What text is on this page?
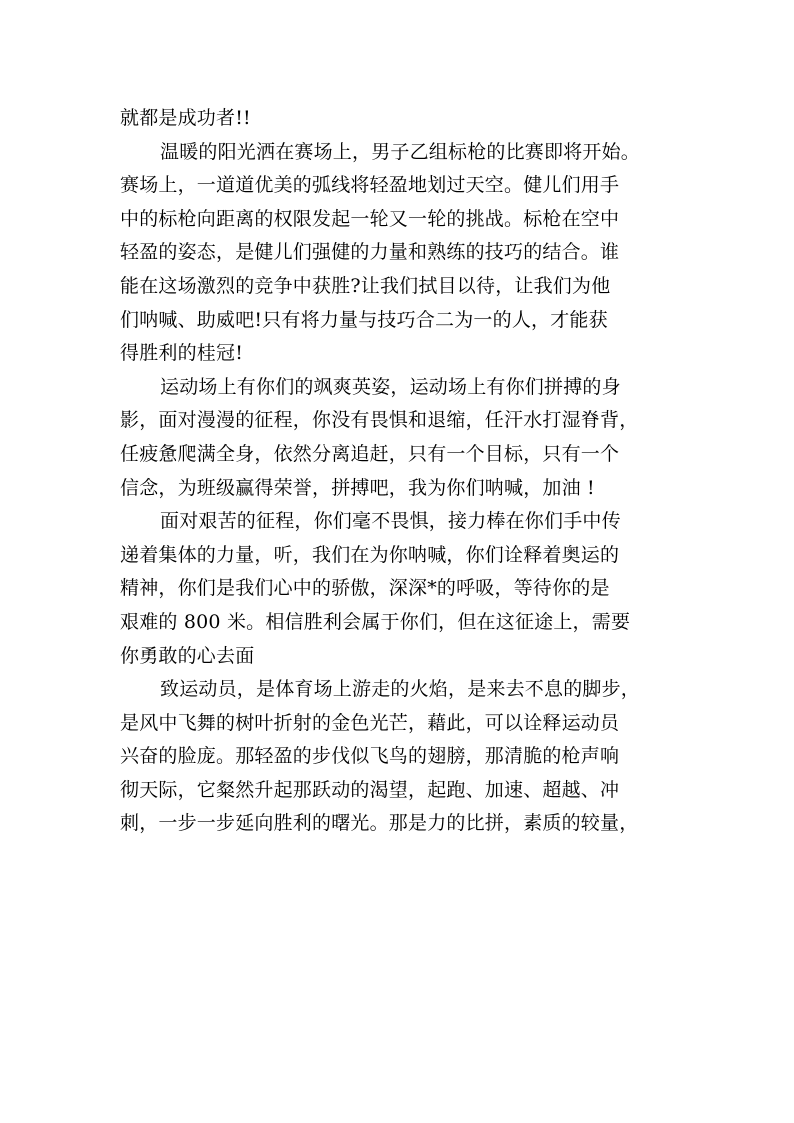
就都是成功者!!
温暖的阳光洒在赛场上，男子乙组标枪的比赛即将开始。
赛场上，一道道优美的弧线将轻盈地划过天空。健儿们用手
中的标枪向距离的权限发起一轮又一轮的挑战。标枪在空中
轻盈的姿态，是健儿们强健的力量和熟练的技巧的结合。谁
能在这场激烈的竞争中获胜?让我们拭目以待，让我们为他
们呐喊、助威吧!只有将力量与技巧合二为一的人，才能获
得胜利的桂冠!
运动场上有你们的飒爽英姿，运动场上有你们拼搏的身
影，面对漫漫的征程，你没有畏惧和退缩，任汗水打湿脊背，
任疲惫爬满全身，依然分离追赶，只有一个目标，只有一个
信念，为班级赢得荣誉，拼搏吧，我为你们呐喊，加油 !
面对艰苦的征程，你们毫不畏惧，接力棒在你们手中传
递着集体的力量，听，我们在为你呐喊，你们诠释着奥运的
精神，你们是我们心中的骄傲，深深*的呼吸，等待你的是
艰难的 800 米。相信胜利会属于你们，但在这征途上，需要
你勇敢的心去面
致运动员，是体育场上游走的火焰，是来去不息的脚步，
是风中飞舞的树叶折射的金色光芒，藉此，可以诠释运动员
兴奋的脸庞。那轻盈的步伐似飞鸟的翅膀，那清脆的枪声响
彻天际，它粲然升起那跃动的渴望，起跑、加速、超越、冲
刺，一步一步延向胜利的曙光。那是力的比拼，素质的较量，
